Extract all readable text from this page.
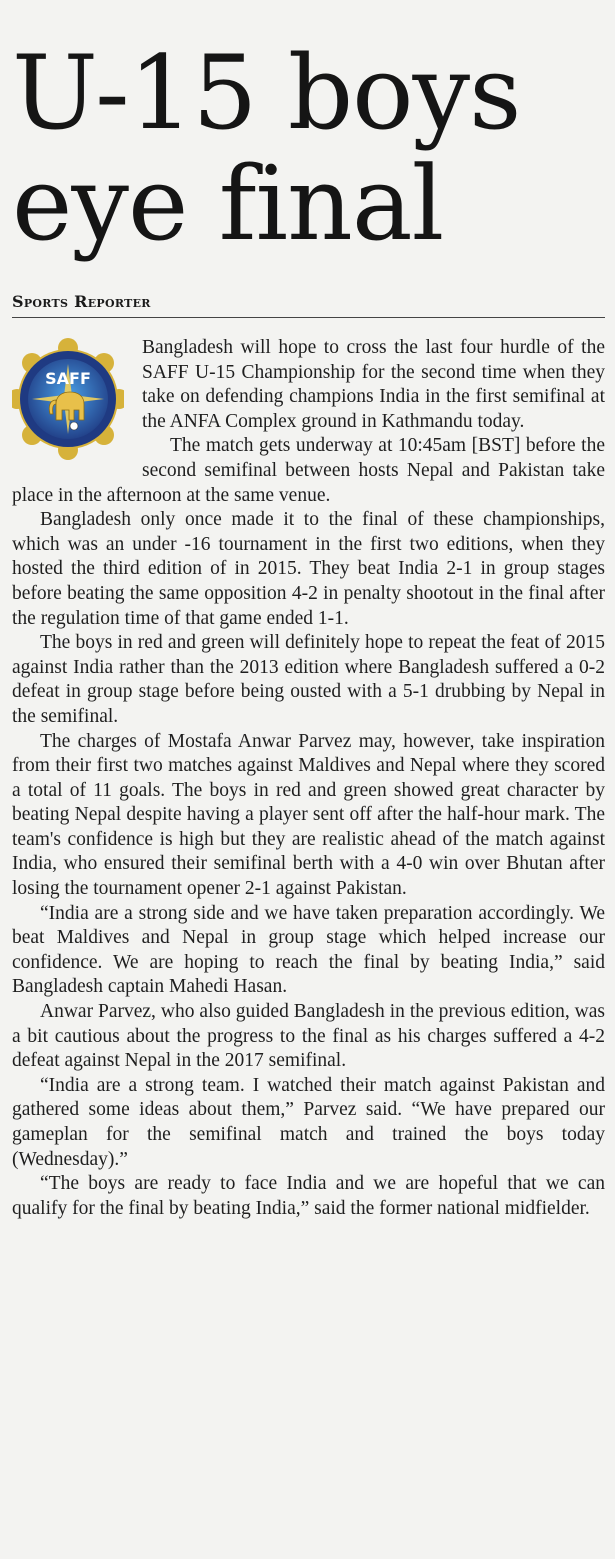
U-15 boys
eye final
Sports Reporter
SAFF

Bangladesh will hope to cross the last four hurdle of the SAFF U-15 Championship for the second time when they take on defending champions India in the first semifinal at the ANFA Complex ground in Kathmandu today.

The match gets underway at 10:45am [BST] before the second semifinal between hosts Nepal and Pakistan take place in the afternoon at the same venue.

Bangladesh only once made it to the final of these championships, which was an under -16 tournament in the first two editions, when they hosted the third edition of in 2015. They beat India 2-1 in group stages before beating the same opposition 4-2 in penalty shootout in the final after the regulation time of that game ended 1-1.

The boys in red and green will definitely hope to repeat the feat of 2015 against India rather than the 2013 edition where Bangladesh suffered a 0-2 defeat in group stage before being ousted with a 5-1 drubbing by Nepal in the semifinal.

The charges of Mostafa Anwar Parvez may, however, take inspiration from their first two matches against Maldives and Nepal where they scored a total of 11 goals. The boys in red and green showed great character by beating Nepal despite having a player sent off after the half-hour mark. The team's confidence is high but they are realistic ahead of the match against India, who ensured their semifinal berth with a 4-0 win over Bhutan after losing the tournament opener 2-1 against Pakistan.

“India are a strong side and we have taken preparation accordingly. We beat Maldives and Nepal in group stage which helped increase our confidence. We are hoping to reach the final by beating India,” said Bangladesh captain Mahedi Hasan.

Anwar Parvez, who also guided Bangladesh in the previous edition, was a bit cautious about the progress to the final as his charges suffered a 4-2 defeat against Nepal in the 2017 semifinal.

“India are a strong team. I watched their match against Pakistan and gathered some ideas about them,” Parvez said. “We have prepared our gameplan for the semifinal match and trained the boys today (Wednesday).”

“The boys are ready to face India and we are hopeful that we can qualify for the final by beating India,” said the former national midfielder.
